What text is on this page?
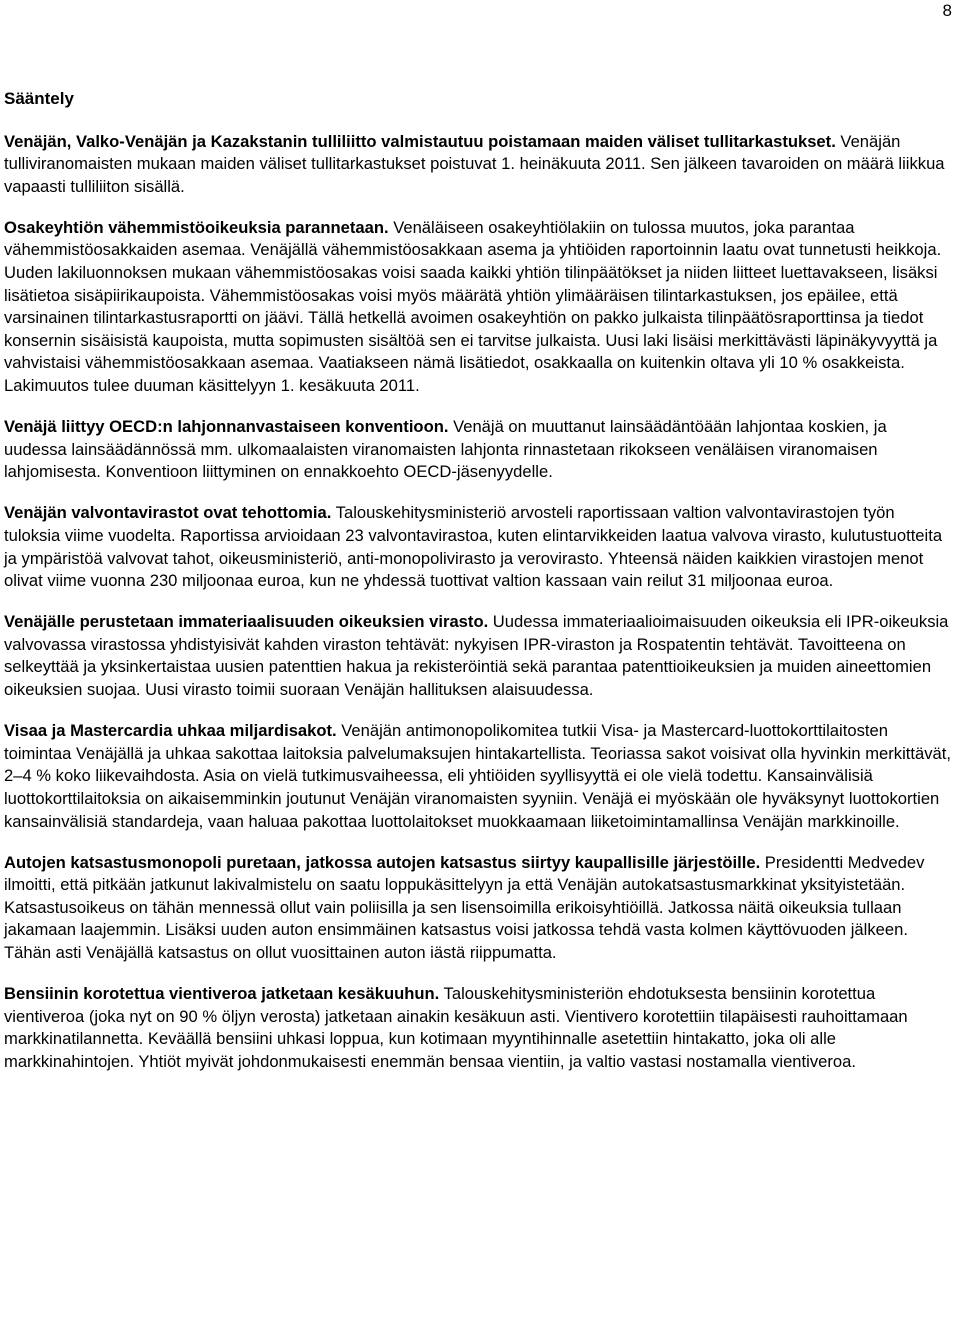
8
Sääntely

Venäjän, Valko-Venäjän ja Kazakstanin tulliliitto valmistautuu poistamaan maiden väliset tullitarkastukset. Venäjän tulliviranomaisten mukaan maiden väliset tullitarkastukset poistuvat 1. heinäkuuta 2011. Sen jälkeen tavaroiden on määrä liikkua vapaasti tulliliiton sisällä.

Osakeyhtiön vähemmistöoikeuksia parannetaan. Venäläiseen osakeyhtiölakiin on tulossa muutos, joka parantaa vähemmistöosakkaiden asemaa. Venäjällä vähemmistöosakkaan asema ja yhtiöiden raportoinnin laatu ovat tunnetusti heikkoja. Uuden lakiluonnoksen mukaan vähemmistöosakas voisi saada kaikki yhtiön tilinpäätökset ja niiden liitteet luettavakseen, lisäksi lisätietoa sisäpiirikaupoista. Vähemmistöosakas voisi myös määrätä yhtiön ylimääräisen tilintarkastuksen, jos epäilee, että varsinainen tilintarkastusraportti on jäävi. Tällä hetkellä avoimen osakeyhtiön on pakko julkaista tilinpäätösraporttinsa ja tiedot konsernin sisäisistä kaupoista, mutta sopimusten sisältöä sen ei tarvitse julkaista. Uusi laki lisäisi merkittävästi läpinäkyvyyttä ja vahvistaisi vähemmistöosakkaan asemaa. Vaatiakseen nämä lisätiedot, osakkaalla on kuitenkin oltava yli 10 % osakkeista. Lakimuutos tulee duuman käsittelyyn 1. kesäkuuta 2011.

Venäjä liittyy OECD:n lahjonnanvastaiseen konventioon. Venäjä on muuttanut lainsäädäntöään lahjontaa koskien, ja uudessa lainsäädännössä mm. ulkomaalaisten viranomaisten lahjonta rinnastetaan rikokseen venäläisen viranomaisen lahjomisesta. Konventioon liittyminen on ennakkoehto OECD-jäsenyydelle.

Venäjän valvontavirastot ovat tehottomia. Talouskehitysministeriö arvosteli raportissaan valtion valvontavirastojen työn tuloksia viime vuodelta. Raportissa arvioidaan 23 valvontavirastoa, kuten elintarvikkeiden laatua valvova virasto, kulutustuotteita ja ympäristöä valvovat tahot, oikeusministeriö, anti-monopolivirasto ja verovirasto. Yhteensä näiden kaikkien virastojen menot olivat viime vuonna 230 miljoonaa euroa, kun ne yhdessä tuottivat valtion kassaan vain reilut 31 miljoonaa euroa.

Venäjälle perustetaan immateriaalisuuden oikeuksien virasto. Uudessa immateriaalioimaisuuden oikeuksia eli IPR-oikeuksia valvovassa virastossa yhdistyisivät kahden viraston tehtävät: nykyisen IPR-viraston ja Rospatentin tehtävät. Tavoitteena on selkeyttää ja yksinkertaistaa uusien patenttien hakua ja rekisteröintiä sekä parantaa patenttioikeuksien ja muiden aineettomien oikeuksien suojaa. Uusi virasto toimii suoraan Venäjän hallituksen alaisuudessa.

Visaa ja Mastercardia uhkaa miljardisakot. Venäjän antimonopolikomitea tutkii Visa- ja Mastercard-luottokorttilaitosten toimintaa Venäjällä ja uhkaa sakottaa laitoksia palvelumaksujen hintakartellista. Teoriassa sakot voisivat olla hyvinkin merkittävät, 2–4 % koko liikevaihdosta. Asia on vielä tutkimusvaiheessa, eli yhtiöiden syyllisyyttä ei ole vielä todettu. Kansainvälisiä luottokorttilaitoksia on aikaisemminkin joutunut Venäjän viranomaisten syyniin. Venäjä ei myöskään ole hyväksynyt luottokortien kansainvälisiä standardeja, vaan haluaa pakottaa luottolaitokset muokkaamaan liiketoimintamallinsa Venäjän markkinoille.

Autojen katsastusmonopoli puretaan, jatkossa autojen katsastus siirtyy kaupallisille järjestöille. Presidentti Medvedev ilmoitti, että pitkään jatkunut lakivalmistelu on saatu loppukäsittelyyn ja että Venäjän autokatsastusmarkkinat yksityistetään. Katsastusoikeus on tähän mennessä ollut vain poliisilla ja sen lisensoimilla erikoisyhtiöillä. Jatkossa näitä oikeuksia tullaan jakamaan laajemmin. Lisäksi uuden auton ensimmäinen katsastus voisi jatkossa tehdä vasta kolmen käyttövuoden jälkeen. Tähän asti Venäjällä katsastus on ollut vuosittainen auton iästä riippumatta.

Bensiinin korotettua vientiveroa jatketaan kesäkuuhun. Talouskehitysministeriön ehdotuksesta bensiinin korotettua vientiveroa (joka nyt on 90 % öljyn verosta) jatketaan ainakin kesäkuun asti. Vientivero korotettiin tilapäisesti rauhoittamaan markkinatilannetta. Keväällä bensiini uhkasi loppua, kun kotimaan myyntihinnalle asetettiin hintakatto, joka oli alle markkinahintojen. Yhtiöt myivät johdonmukaisesti enemmän bensaa vientiin, ja valtio vastasi nostamalla vientiveroa.
